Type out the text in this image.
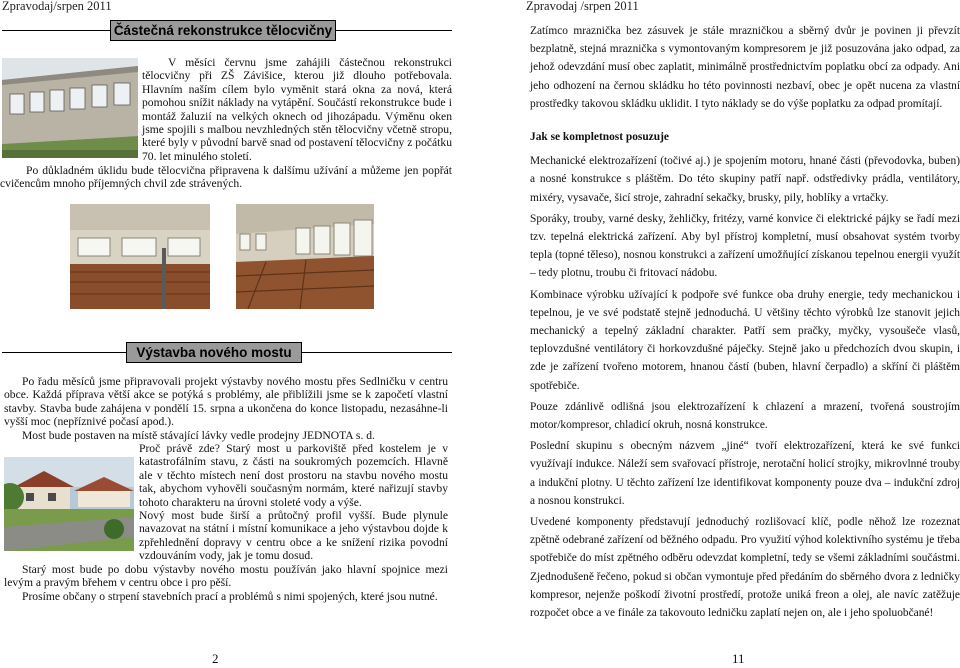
Zpravodaj/srpen 2011
Částečná rekonstrukce tělocvičny
V měsíci červnu jsme zahájili částečnou rekonstrukci tělocvičny při ZŠ Závišice, kterou již dlouho potřebovala. Hlavním naším cílem bylo vyměnit stará okna za nová, která pomohou snížit náklady na vytápění. Součástí rekonstrukce bude i montáž žaluzií na velkých oknech od jihozápadu. Výměnu oken jsme spojili s malbou nevzhledných stěn tělocvičny včetně stropu, které byly v původní barvě snad od postavení tělocvičny z počátku 70. let minulého století.
Po důkladném úklidu bude tělocvična připravena k dalšímu užívání a můžeme jen popřát cvičencům mnoho příjemných chvil zde strávených.
Výstavba nového mostu
Po řadu měsíců jsme připravovali projekt výstavby nového mostu přes Sedlničku v centru obce. Každá příprava větší akce se potýká s problémy, ale přiblížili jsme se k započetí vlastní stavby. Stavba bude zahájena v pondělí 15. srpna a ukončena do konce listopadu, nezasáhne-li vyšší moc (nepříznivé počasí apod.).
Most bude postaven na místě stávající lávky vedle prodejny JEDNOTA s. d.
Proč právě zde? Starý most u parkoviště před kostelem je v katastrofálním stavu, z části na soukromých pozemcích. Hlavně ale v těchto místech není dost prostoru na stavbu nového mostu tak, abychom vyhověli současným normám, které nařizují stavby tohoto charakteru na úrovni stoleté vody a výše.
Nový most bude širší a průtočný profil vyšší. Bude plynule navazovat na státní i místní komunikace a jeho výstavbou dojde k zpřehlednění dopravy v centru obce a ke snížení rizika povodní vzdouváním vody, jak je tomu dosud.
Starý most bude po dobu výstavby nového mostu používán jako hlavní spojnice mezi levým a pravým břehem v centru obce i pro pěší.
Prosíme občany o strpení stavebních prací a problémů s nimi spojených, které jsou nutné.
2
Zpravodaj /srpen 2011

Zatímco mraznička bez zásuvek je stále mrazničkou a sběrný dvůr je povinen ji převzít bezplatně, stejná mraznička s vymontovaným kompresorem je již posuzována jako odpad, za jehož odevzdání musí obec zaplatit, minimálně prostřednictvím poplatku obcí za odpady. Ani jeho odhození na černou skládku ho této povinnosti nezbaví, obec je opět nucena za vlastní prostředky takovou skládku uklidit. I tyto náklady se do výše poplatku za odpad promítají.

Jak se kompletnost posuzuje

Mechanické elektrozařízení (točivé aj.) je spojením motoru, hnané části (převodovka, buben) a nosné konstrukce s pláštěm. Do této skupiny patří např. odstředivky prádla, ventilátory, mixéry, vysavače, šicí stroje, zahradní sekačky, brusky, pily, hoblíky a vrtačky.

Sporáky, trouby, varné desky, žehličky, fritézy, varné konvice či elektrické pájky se řadí mezi tzv. tepelná elektrická zařízení. Aby byl přístroj kompletní, musí obsahovat systém tvorby tepla (topné těleso), nosnou konstrukci a zařízení umožňující získanou tepelnou energii využít – tedy plotnu, troubu či fritovací nádobu.

Kombinace výrobku užívající k podpoře své funkce oba druhy energie, tedy mechanickou i tepelnou, je ve své podstatě stejně jednoduchá. U většiny těchto výrobků lze stanovit jejich mechanický a tepelný základní charakter. Patří sem pračky, myčky, vysoušeče vlasů, teplovzdušné ventilátory či horkovzdušné páječky. Stejně jako u předchozích dvou skupin, i zde je zařízení tvořeno motorem, hnanou částí (buben, hlavní čerpadlo) a skříní či pláštěm spotřebiče.

Pouze zdánlivě odlišná jsou elektrozařízení k chlazení a mrazení, tvořená soustrojím motor/kompresor, chladicí okruh, nosná konstrukce.

Poslední skupinu s obecným názvem „jiné“ tvoří elektrozařízení, která ke své funkci využívají indukce. Náleží sem svařovací přístroje, nerotační holicí strojky, mikrovlnné trouby a indukční plotny. U těchto zařízení lze identifikovat komponenty pouze dva – indukční zdroj a nosnou konstrukci.

Uvedené komponenty představují jednoduchý rozlišovací klíč, podle něhož lze rozeznat zpětně odebrané zařízení od běžného odpadu. Pro využití výhod kolektivního systému je třeba spotřebiče do míst zpětného odběru odevzdat kompletní, tedy se všemi základními součástmi. Zjednodušeně řečeno, pokud si občan vymontuje před předáním do sběrného dvora z ledničky kompresor, nejenže poškodí životní prostředí, protože uniká freon a olej, ale navíc zatěžuje rozpočet obce a ve finále za takovouto ledničku zaplatí nejen on, ale i jeho spoluobčané!

11
